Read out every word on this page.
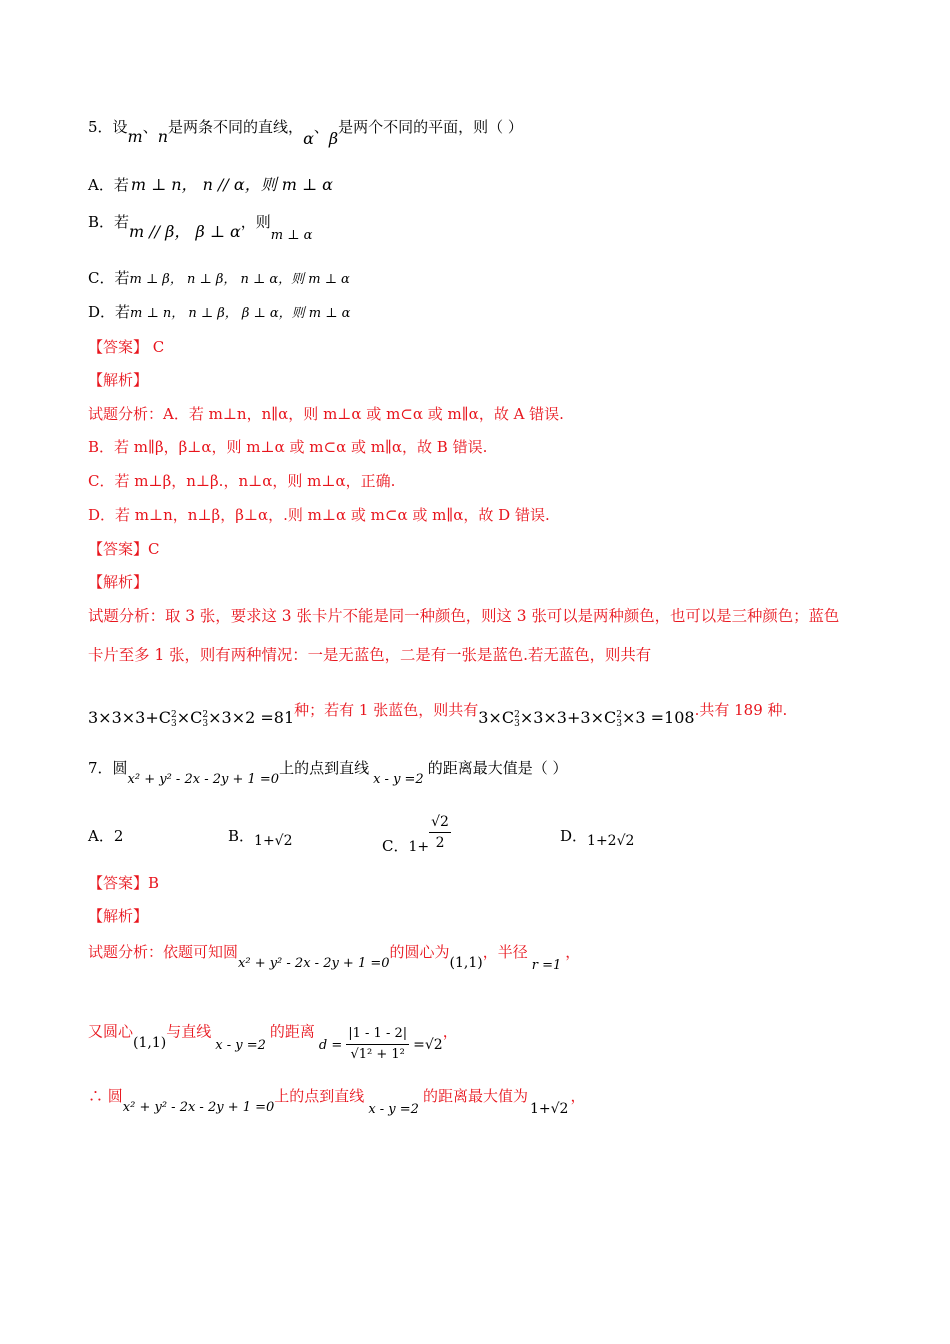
5．设m、n是两条不同的直线，α、β是两个不同的平面，则（ ）
A．若 m ⊥ n， n // α，则 m ⊥ α
B．若m // β， β ⊥ α，则m ⊥ α
C．若m ⊥ β， n ⊥ β， n ⊥ α，则 m ⊥ α
D．若m ⊥ n， n ⊥ β， β ⊥ α，则 m ⊥ α
【答案】 C
【解析】
试题分析：A．若 m⊥n，n∥α，则 m⊥α 或 m⊂α 或 m∥α，故 A 错误.
B．若 m∥β，β⊥α，则 m⊥α 或 m⊂α 或 m∥α，故 B 错误.
C．若 m⊥β，n⊥β.，n⊥α，则 m⊥α，正确.
D．若 m⊥n，n⊥β，β⊥α，.则 m⊥α 或 m⊂α 或 m∥α，故 D 错误.
【答案】C
【解析】
试题分析：取 3 张，要求这 3 张卡片不能是同一种颜色，则这 3 张可以是两种颜色，也可以是三种颜色；蓝色
卡片至多 1 张，则有两种情况：一是无蓝色，二是有一张是蓝色.若无蓝色，则共有
3×3×3+C 2
3 ×C 2
3 ×3×2 =81种；若有 1 张蓝色，则共有3×C 2
3 ×3×3+3×C 2
3 ×3 =108.共有 189 种.
7．圆x² + y² - 2x - 2y + 1 =0上的点到直线x - y =2的距离最大值是（ ）
A．2	B．1+√2	C．$1+ \frac{√2}{2}$	D．1+2√2
【答案】B
【解析】
试题分析：依题可知圆x² + y² - 2x - 2y + 1 =0的圆心为(1,1)，半径r =1，
又圆心(1,1)与直线x - y =2的距离$d = \frac{|1 - 1 - 2|}{\text{√1² + 1²}} =√2$，
∴ 圆x² + y² - 2x - 2y + 1 =0上的点到直线x - y =2的距离最大值为1+√2，
